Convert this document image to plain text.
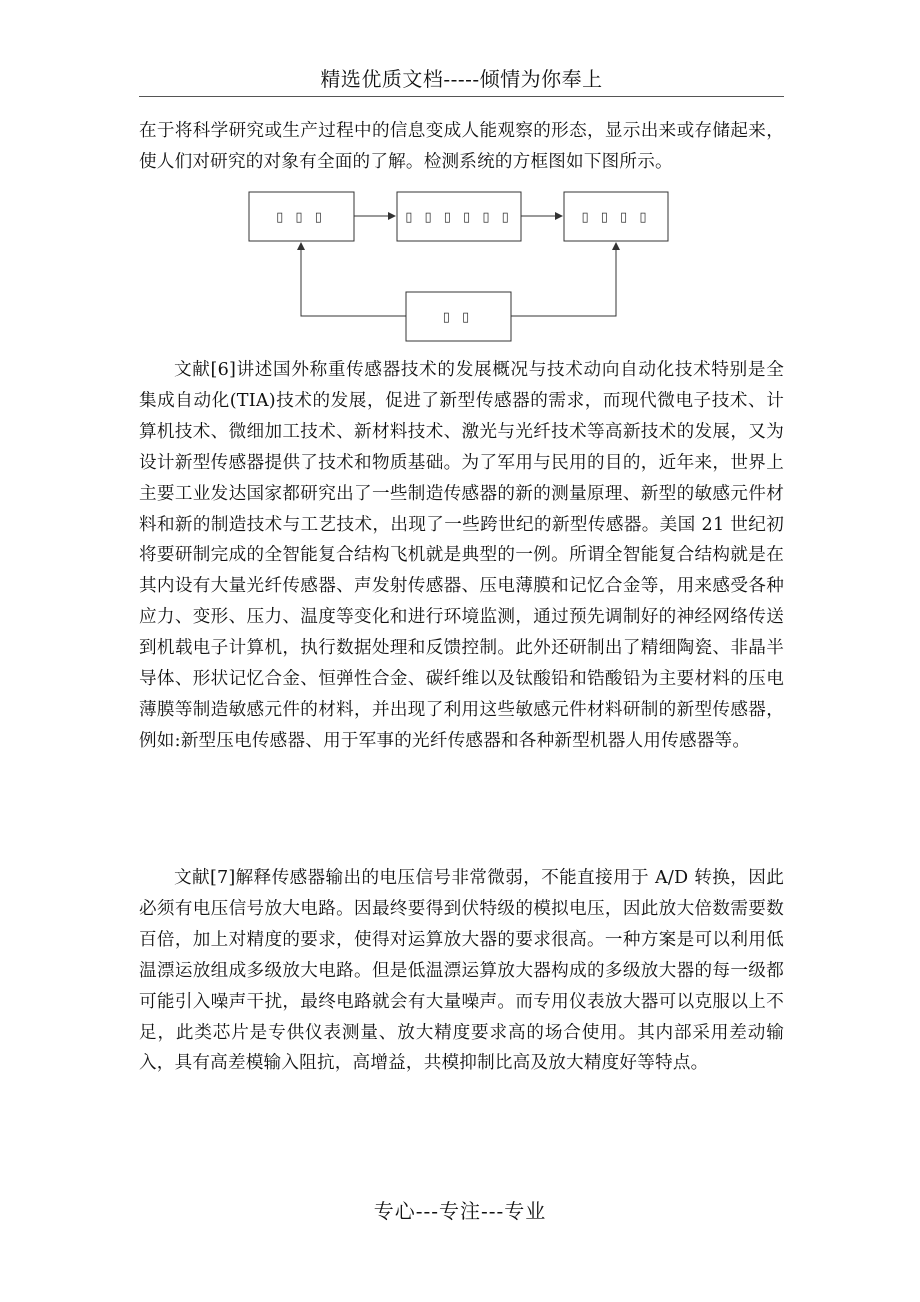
精选优质文档-----倾情为你奉上

在于将科学研究或生产过程中的信息变成人能观察的形态，显示出来或存储起来，使人们对研究的对象有全面的了解。检测系统的方框图如下图所示。

▯ ▯ ▯	▯ ▯ ▯ ▯ ▯ ▯	▯ ▯ ▯ ▯
▯ ▯

文献[6]讲述国外称重传感器技术的发展概况与技术动向自动化技术特别是全集成自动化(TIA)技术的发展，促进了新型传感器的需求，而现代微电子技术、计算机技术、微细加工技术、新材料技术、激光与光纤技术等高新技术的发展，又为设计新型传感器提供了技术和物质基础。为了军用与民用的目的，近年来，世界上主要工业发达国家都研究出了一些制造传感器的新的测量原理、新型的敏感元件材料和新的制造技术与工艺技术，出现了一些跨世纪的新型传感器。美国 21 世纪初将要研制完成的全智能复合结构飞机就是典型的一例。所谓全智能复合结构就是在其内设有大量光纤传感器、声发射传感器、压电薄膜和记忆合金等，用来感受各种应力、变形、压力、温度等变化和进行环境监测，通过预先调制好的神经网络传送到机载电子计算机，执行数据处理和反馈控制。此外还研制出了精细陶瓷、非晶半导体、形状记忆合金、恒弹性合金、碳纤维以及钛酸铅和锆酸铅为主要材料的压电薄膜等制造敏感元件的材料，并出现了利用这些敏感元件材料研制的新型传感器，例如:新型压电传感器、用于军事的光纤传感器和各种新型机器人用传感器等。

文献[7]解释传感器输出的电压信号非常微弱，不能直接用于 A/D 转换，因此必须有电压信号放大电路。因最终要得到伏特级的模拟电压，因此放大倍数需要数百倍，加上对精度的要求，使得对运算放大器的要求很高。一种方案是可以利用低温漂运放组成多级放大电路。但是低温漂运算放大器构成的多级放大器的每一级都可能引入噪声干扰，最终电路就会有大量噪声。而专用仪表放大器可以克服以上不足，此类芯片是专供仪表测量、放大精度要求高的场合使用。其内部采用差动输入，具有高差模输入阻抗，高增益，共模抑制比高及放大精度好等特点。

专心---专注---专业
